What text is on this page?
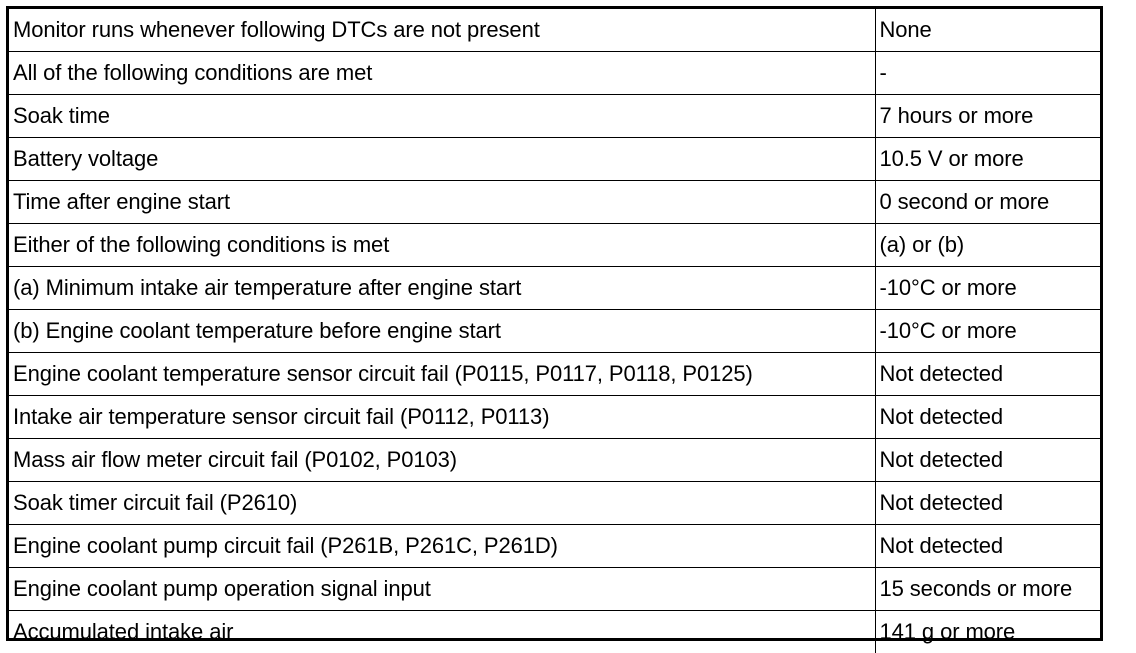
Monitor runs whenever following DTCs are not present	None
All of the following conditions are met	-
Soak time	7 hours or more
Battery voltage	10.5 V or more
Time after engine start	0 second or more
Either of the following conditions is met	(a) or (b)
(a) Minimum intake air temperature after engine start	-10°C or more
(b) Engine coolant temperature before engine start	-10°C or more
Engine coolant temperature sensor circuit fail (P0115, P0117, P0118, P0125)	Not detected
Intake air temperature sensor circuit fail (P0112, P0113)	Not detected
Mass air flow meter circuit fail (P0102, P0103)	Not detected
Soak timer circuit fail (P2610)	Not detected
Engine coolant pump circuit fail (P261B, P261C, P261D)	Not detected
Engine coolant pump operation signal input	15 seconds or more
Accumulated intake air	141 g or more
